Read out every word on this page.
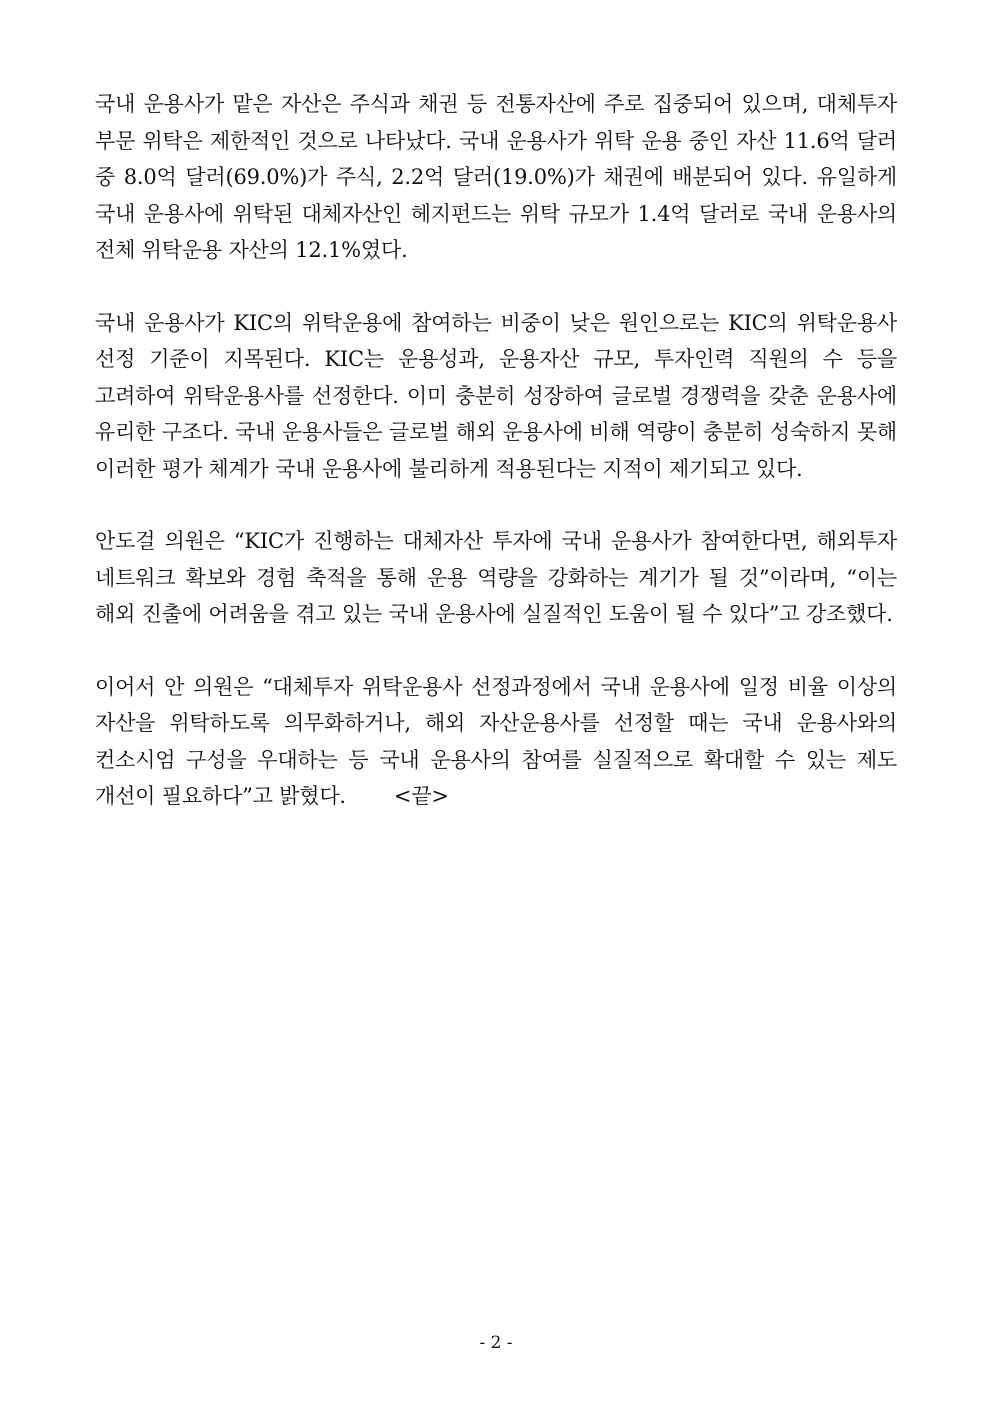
국내 운용사가 맡은 자산은 주식과 채권 등 전통자산에 주로 집중되어 있으며, 대체투자 부문 위탁은 제한적인 것으로 나타났다. 국내 운용사가 위탁 운용 중인 자산 11.6억 달러 중 8.0억 달러(69.0%)가 주식, 2.2억 달러(19.0%)가 채권에 배분되어 있다. 유일하게 국내 운용사에 위탁된 대체자산인 헤지펀드는 위탁 규모가 1.4억 달러로 국내 운용사의 전체 위탁운용 자산의 12.1%였다.

국내 운용사가 KIC의 위탁운용에 참여하는 비중이 낮은 원인으로는 KIC의 위탁운용사 선정 기준이 지목된다. KIC는 운용성과, 운용자산 규모, 투자인력 직원의 수 등을 고려하여 위탁운용사를 선정한다. 이미 충분히 성장하여 글로벌 경쟁력을 갖춘 운용사에 유리한 구조다. 국내 운용사들은 글로벌 해외 운용사에 비해 역량이 충분히 성숙하지 못해 이러한 평가 체계가 국내 운용사에 불리하게 적용된다는 지적이 제기되고 있다.

안도걸 의원은 “KIC가 진행하는 대체자산 투자에 국내 운용사가 참여한다면, 해외투자 네트워크 확보와 경험 축적을 통해 운용 역량을 강화하는 계기가 될 것”이라며, “이는 해외 진출에 어려움을 겪고 있는 국내 운용사에 실질적인 도움이 될 수 있다”고 강조했다.

이어서 안 의원은 “대체투자 위탁운용사 선정과정에서 국내 운용사에 일정 비율 이상의 자산을 위탁하도록 의무화하거나, 해외 자산운용사를 선정할 때는 국내 운용사와의 컨소시엄 구성을 우대하는 등 국내 운용사의 참여를 실질적으로 확대할 수 있는 제도 개선이 필요하다”고 밝혔다. <끝>

- 2 -
